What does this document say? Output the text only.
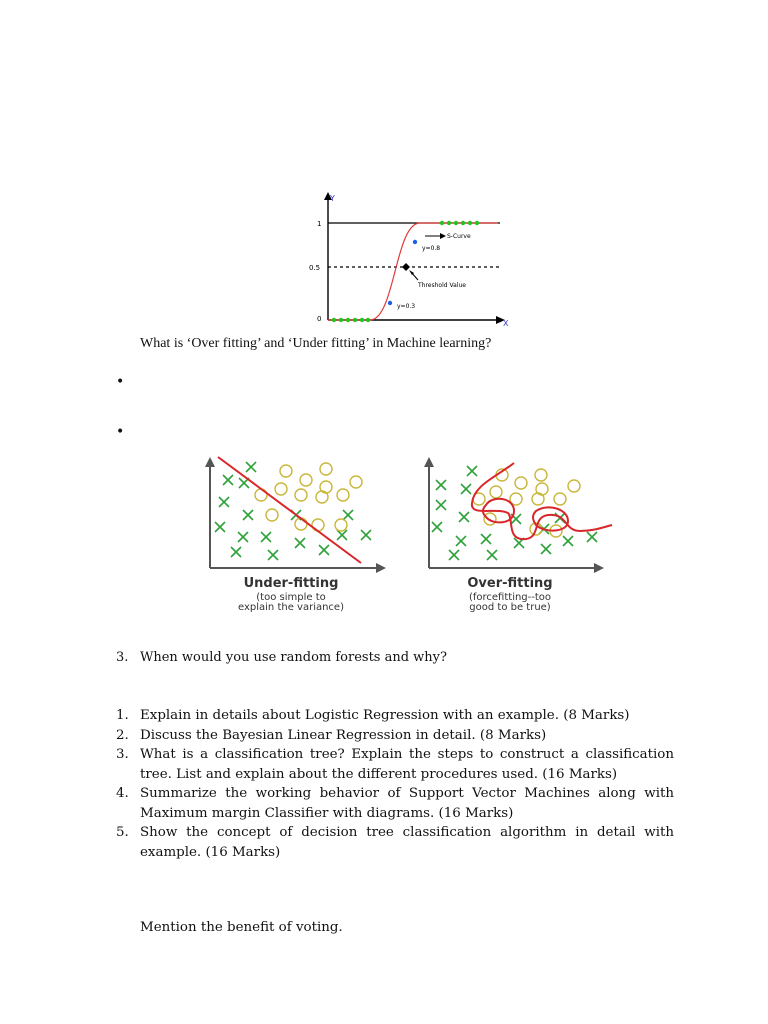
Y
X
1
0.5
0
S-Curve
y=0.8
Threshold Value
y=0.3
What is ‘Over fitting’ and ‘Under fitting’ in Machine learning?
•
•
Under-fitting
(too simple to
explain the variance)
Over-fitting
(forcefitting--too
good to be true)
3. When would you use random forests and why?
1. Explain in details about Logistic Regression with an example. (8 Marks)
2. Discuss the Bayesian Linear Regression in detail. (8 Marks)
3. What is a classification tree? Explain the steps to construct a classification tree. List and explain about the different procedures used. (16 Marks)
4. Summarize the working behavior of Support Vector Machines along with Maximum margin Classifier with diagrams. (16 Marks)
5. Show the concept of decision tree classification algorithm in detail with example. (16 Marks)
Mention the benefit of voting.
